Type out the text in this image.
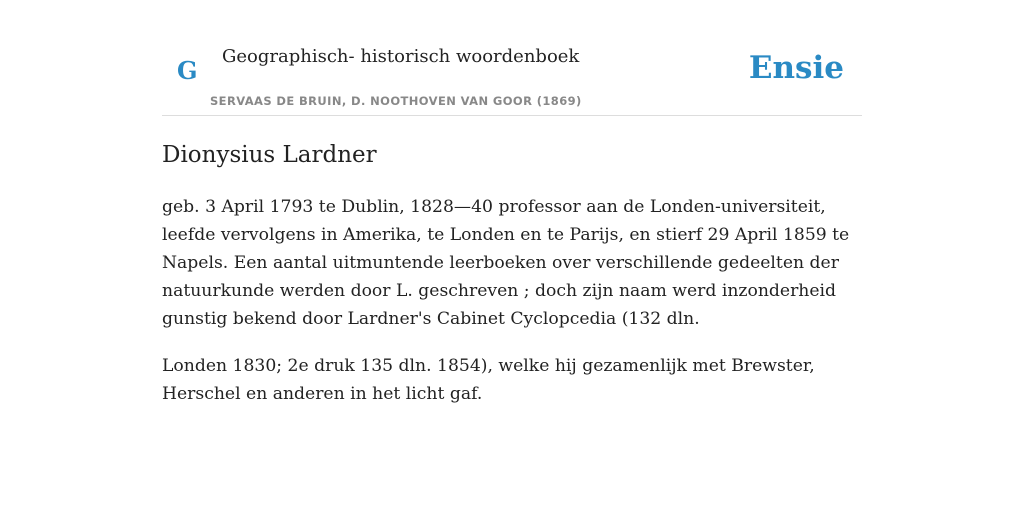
G Geographisch- historisch woordenboek
SERVAAS DE BRUIN, D. NOOTHOVEN VAN GOOR (1869)
Ensie
Dionysius Lardner

geb. 3 April 1793 te Dublin, 1828—40 professor aan de Londen-universiteit, leefde vervolgens in Amerika, te Londen en te Parijs, en stierf 29 April 1859 te Napels. Een aantal uitmuntende leerboeken over verschillende gedeelten der natuurkunde werden door L. geschreven ; doch zijn naam werd inzonderheid gunstig bekend door Lardner's Cabinet Cyclopcedia (132 dln.

Londen 1830; 2e druk 135 dln. 1854), welke hij gezamenlijk met Brewster, Herschel en anderen in het licht gaf.
